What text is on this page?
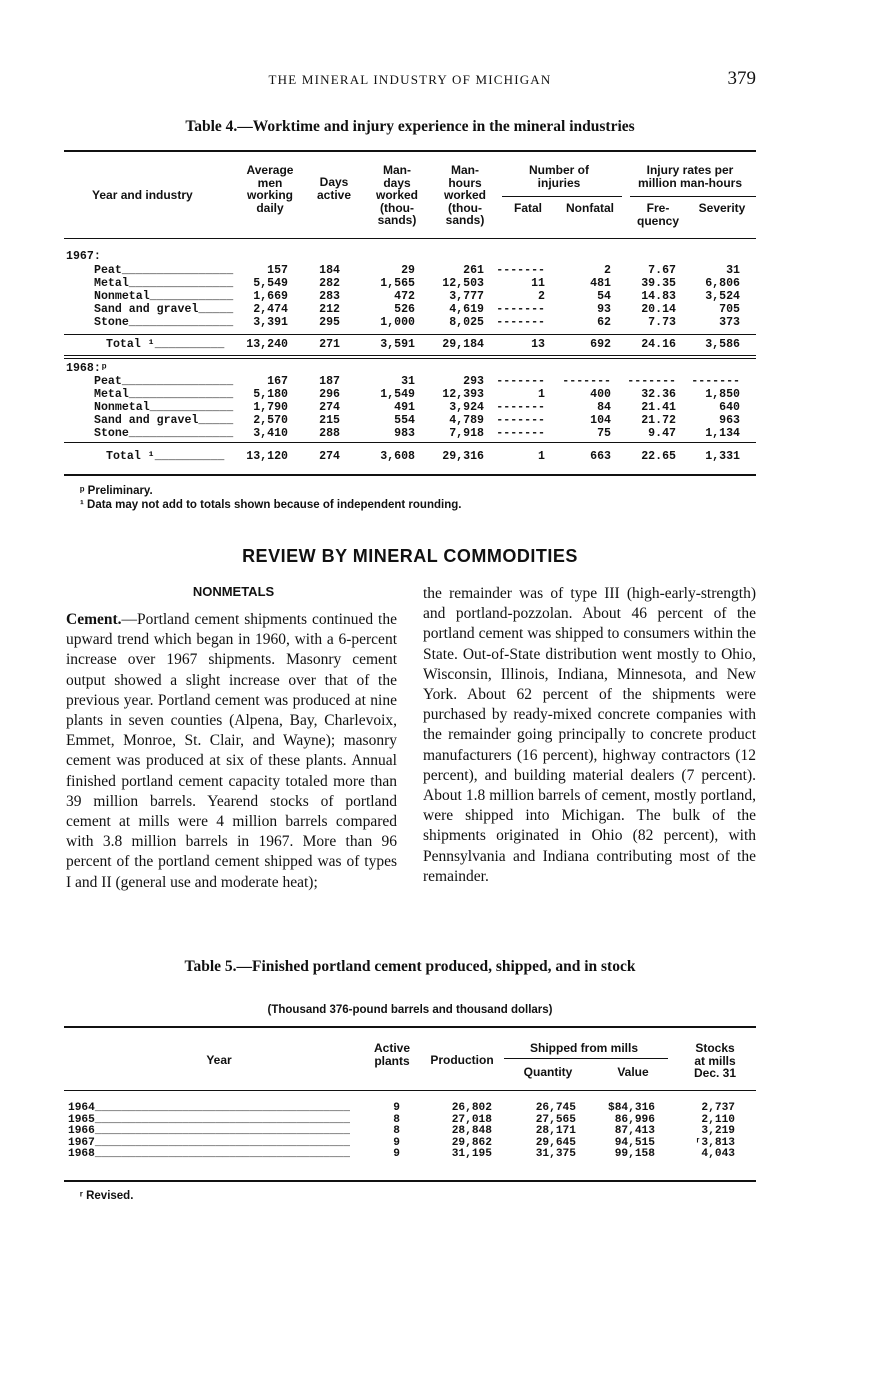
THE MINERAL INDUSTRY OF MICHIGAN	379
Table 4.—Worktime and injury experience in the mineral industries
Year and industry
Average
men
working
daily
Days
active
Man-
days
worked
(thou-
sands)
Man-
hours
worked
(thou-
sands)
Number of
injuries
Fatal	Nonfatal
Injury rates per
million man-hours
Fre-
quency
Severity
1967:
Peat________________	157	184	29	261 -------	2	7.67	31
Metal_______________	5,549	282	1,565	12,503	11	481	39.35	6,806
Nonmetal____________	1,669	283	472	3,777	2	54	14.83	3,524
Sand and gravel_____	2,474	212	526	4,619 -------	93	20.14	705
Stone_______________	3,391	295	1,000	8,025 -------	62	7.73	373
Total ¹__________	13,240	271	3,591	29,184	13	692	24.16	3,586
1968:ᵖ
Peat________________	167	187	31	293 -------	-------	-------	-------
Metal_______________	5,180	296	1,549	12,393	1	400	32.36	1,850
Nonmetal____________	1,790	274	491	3,924 -------	84	21.41	640
Sand and gravel_____	2,570	215	554	4,789 -------	104	21.72	963
Stone_______________	3,410	288	983	7,918 -------	75	9.47	1,134
Total ¹__________	13,120	274	3,608	29,316	1	663	22.65	1,331
ᵖ Preliminary.
¹ Data may not add to totals shown because of independent rounding.
REVIEW BY MINERAL COMMODITIES
NONMETALS

Cement.—Portland cement shipments continued the upward trend which began in 1960, with a 6-percent increase over 1967 shipments. Masonry cement output showed a slight increase over that of the previous year. Portland cement was produced at nine plants in seven counties (Alpena, Bay, Charlevoix, Emmet, Monroe, St. Clair, and Wayne); masonry cement was produced at six of these plants. Annual finished portland cement capacity totaled more than 39 million barrels. Yearend stocks of portland cement at mills were 4 million barrels compared with 3.8 million barrels in 1967. More than 96 percent of the portland cement shipped was of types I and II (general use and moderate heat);

the remainder was of type III (high-early-strength) and portland-pozzolan. About 46 percent of the portland cement was shipped to consumers within the State. Out-of-State distribution went mostly to Ohio, Wisconsin, Illinois, Indiana, Minnesota, and New York. About 62 percent of the shipments were purchased by ready-mixed concrete companies with the remainder going principally to concrete product manufacturers (16 percent), highway contractors (12 percent), and building material dealers (7 percent). About 1.8 million barrels of cement, mostly portland, were shipped into Michigan. The bulk of the shipments originated in Ohio (82 percent), with Pennsylvania and Indiana contributing most of the remainder.

Table 5.—Finished portland cement produced, shipped, and in stock
(Thousand 376-pound barrels and thousand dollars)
Year
Active
plants	Production
Shipped from mills
Quantity	Value
Stocks
at mills
Dec. 31
1964______________________________________	9	26,802	26,745	$84,316	2,737
1965______________________________________	8	27,018	27,565	86,996	2,110
1966______________________________________	8	28,848	28,171	87,413	3,219
1967______________________________________	9	29,862	29,645	94,515	ʳ3,813
1968______________________________________	9	31,195	31,375	99,158	4,043
ʳ Revised.
